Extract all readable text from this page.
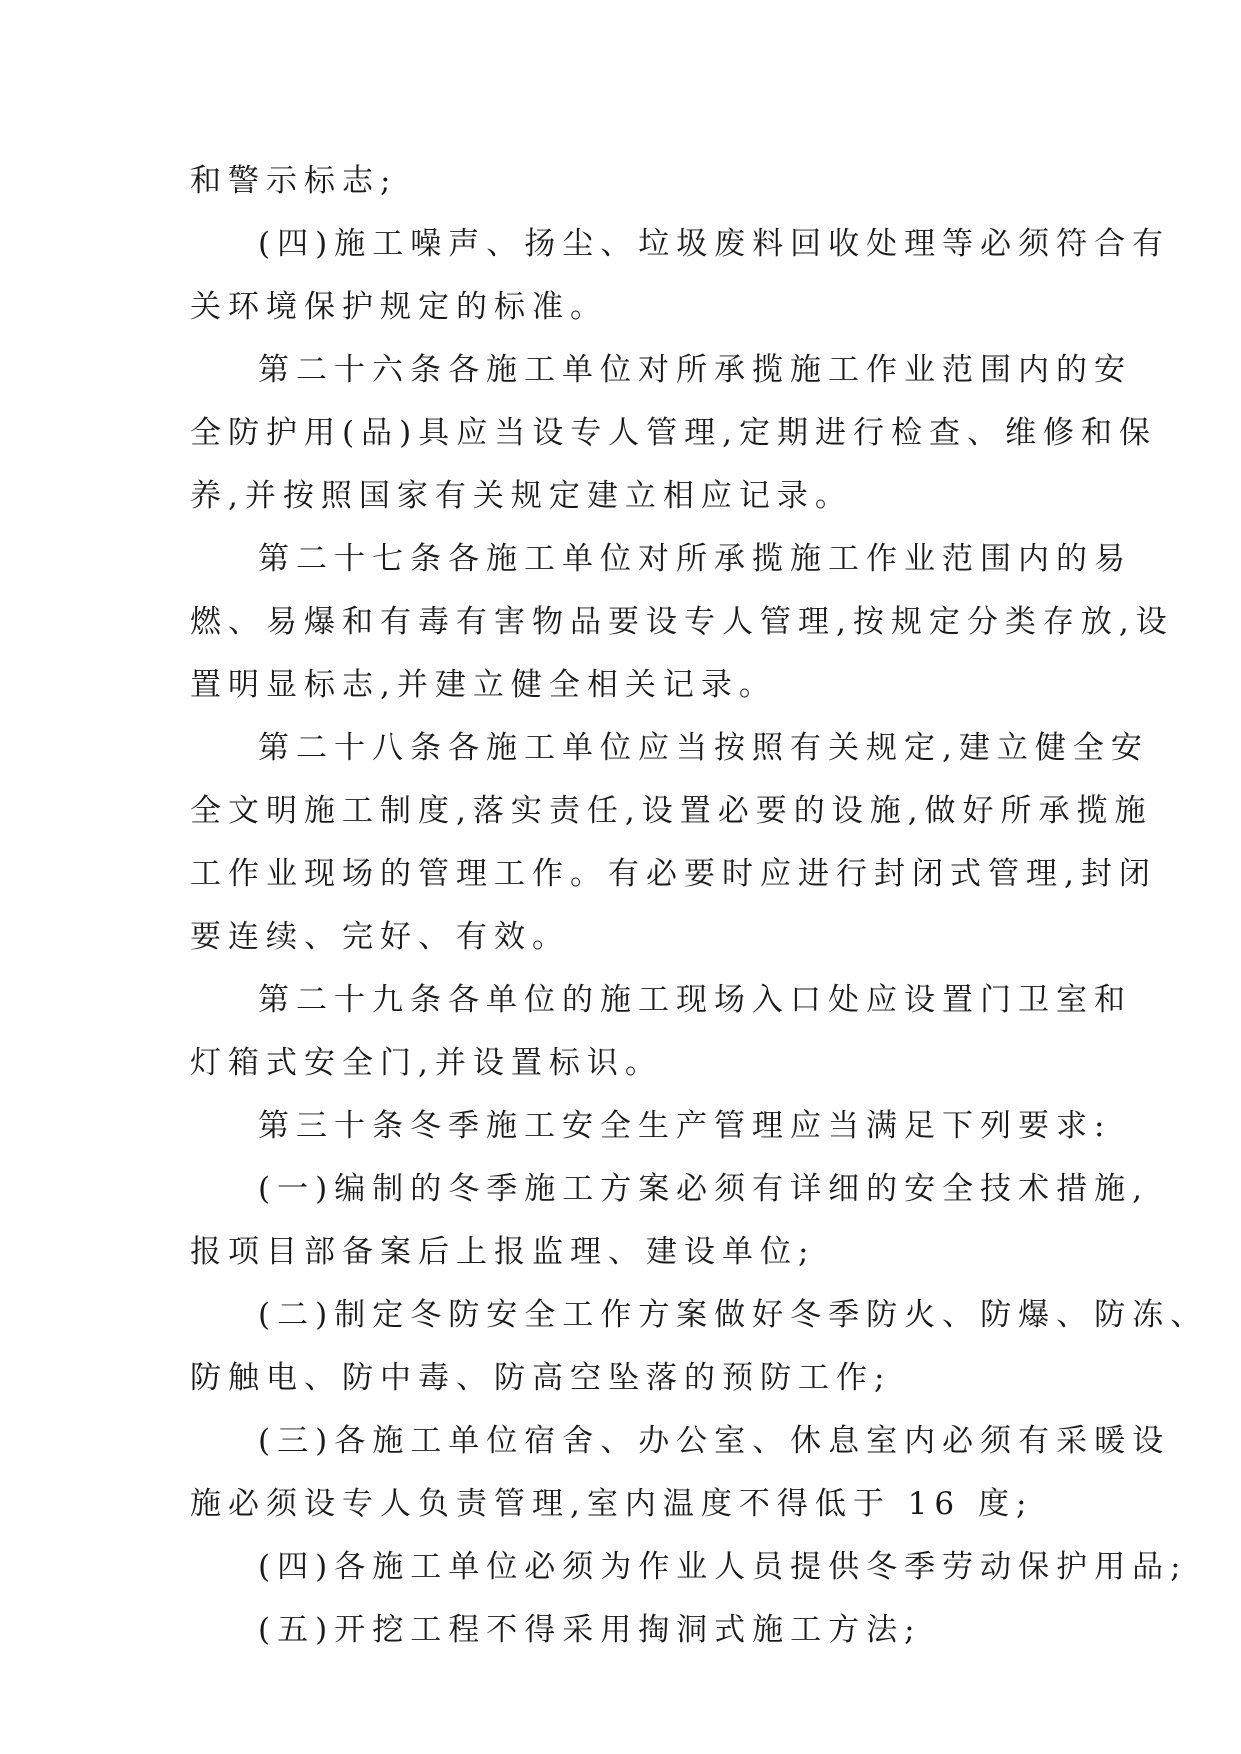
和警示标志;
(四)施工噪声、扬尘、垃圾废料回收处理等必须符合有
关环境保护规定的标准。
第二十六条各施工单位对所承揽施工作业范围内的安
全防护用(品)具应当设专人管理,定期进行检查、维修和保
养,并按照国家有关规定建立相应记录。
第二十七条各施工单位对所承揽施工作业范围内的易
燃、易爆和有毒有害物品要设专人管理,按规定分类存放,设
置明显标志,并建立健全相关记录。
第二十八条各施工单位应当按照有关规定,建立健全安
全文明施工制度,落实责任,设置必要的设施,做好所承揽施
工作业现场的管理工作。有必要时应进行封闭式管理,封闭
要连续、完好、有效。
第二十九条各单位的施工现场入口处应设置门卫室和
灯箱式安全门,并设置标识。
第三十条冬季施工安全生产管理应当满足下列要求:
(一)编制的冬季施工方案必须有详细的安全技术措施,
报项目部备案后上报监理、建设单位;
(二)制定冬防安全工作方案做好冬季防火、防爆、防冻、
防触电、防中毒、防高空坠落的预防工作;
(三)各施工单位宿舍、办公室、休息室内必须有采暖设
施必须设专人负责管理,室内温度不得低于 16 度;
(四)各施工单位必须为作业人员提供冬季劳动保护用品;
(五)开挖工程不得采用掏洞式施工方法;
